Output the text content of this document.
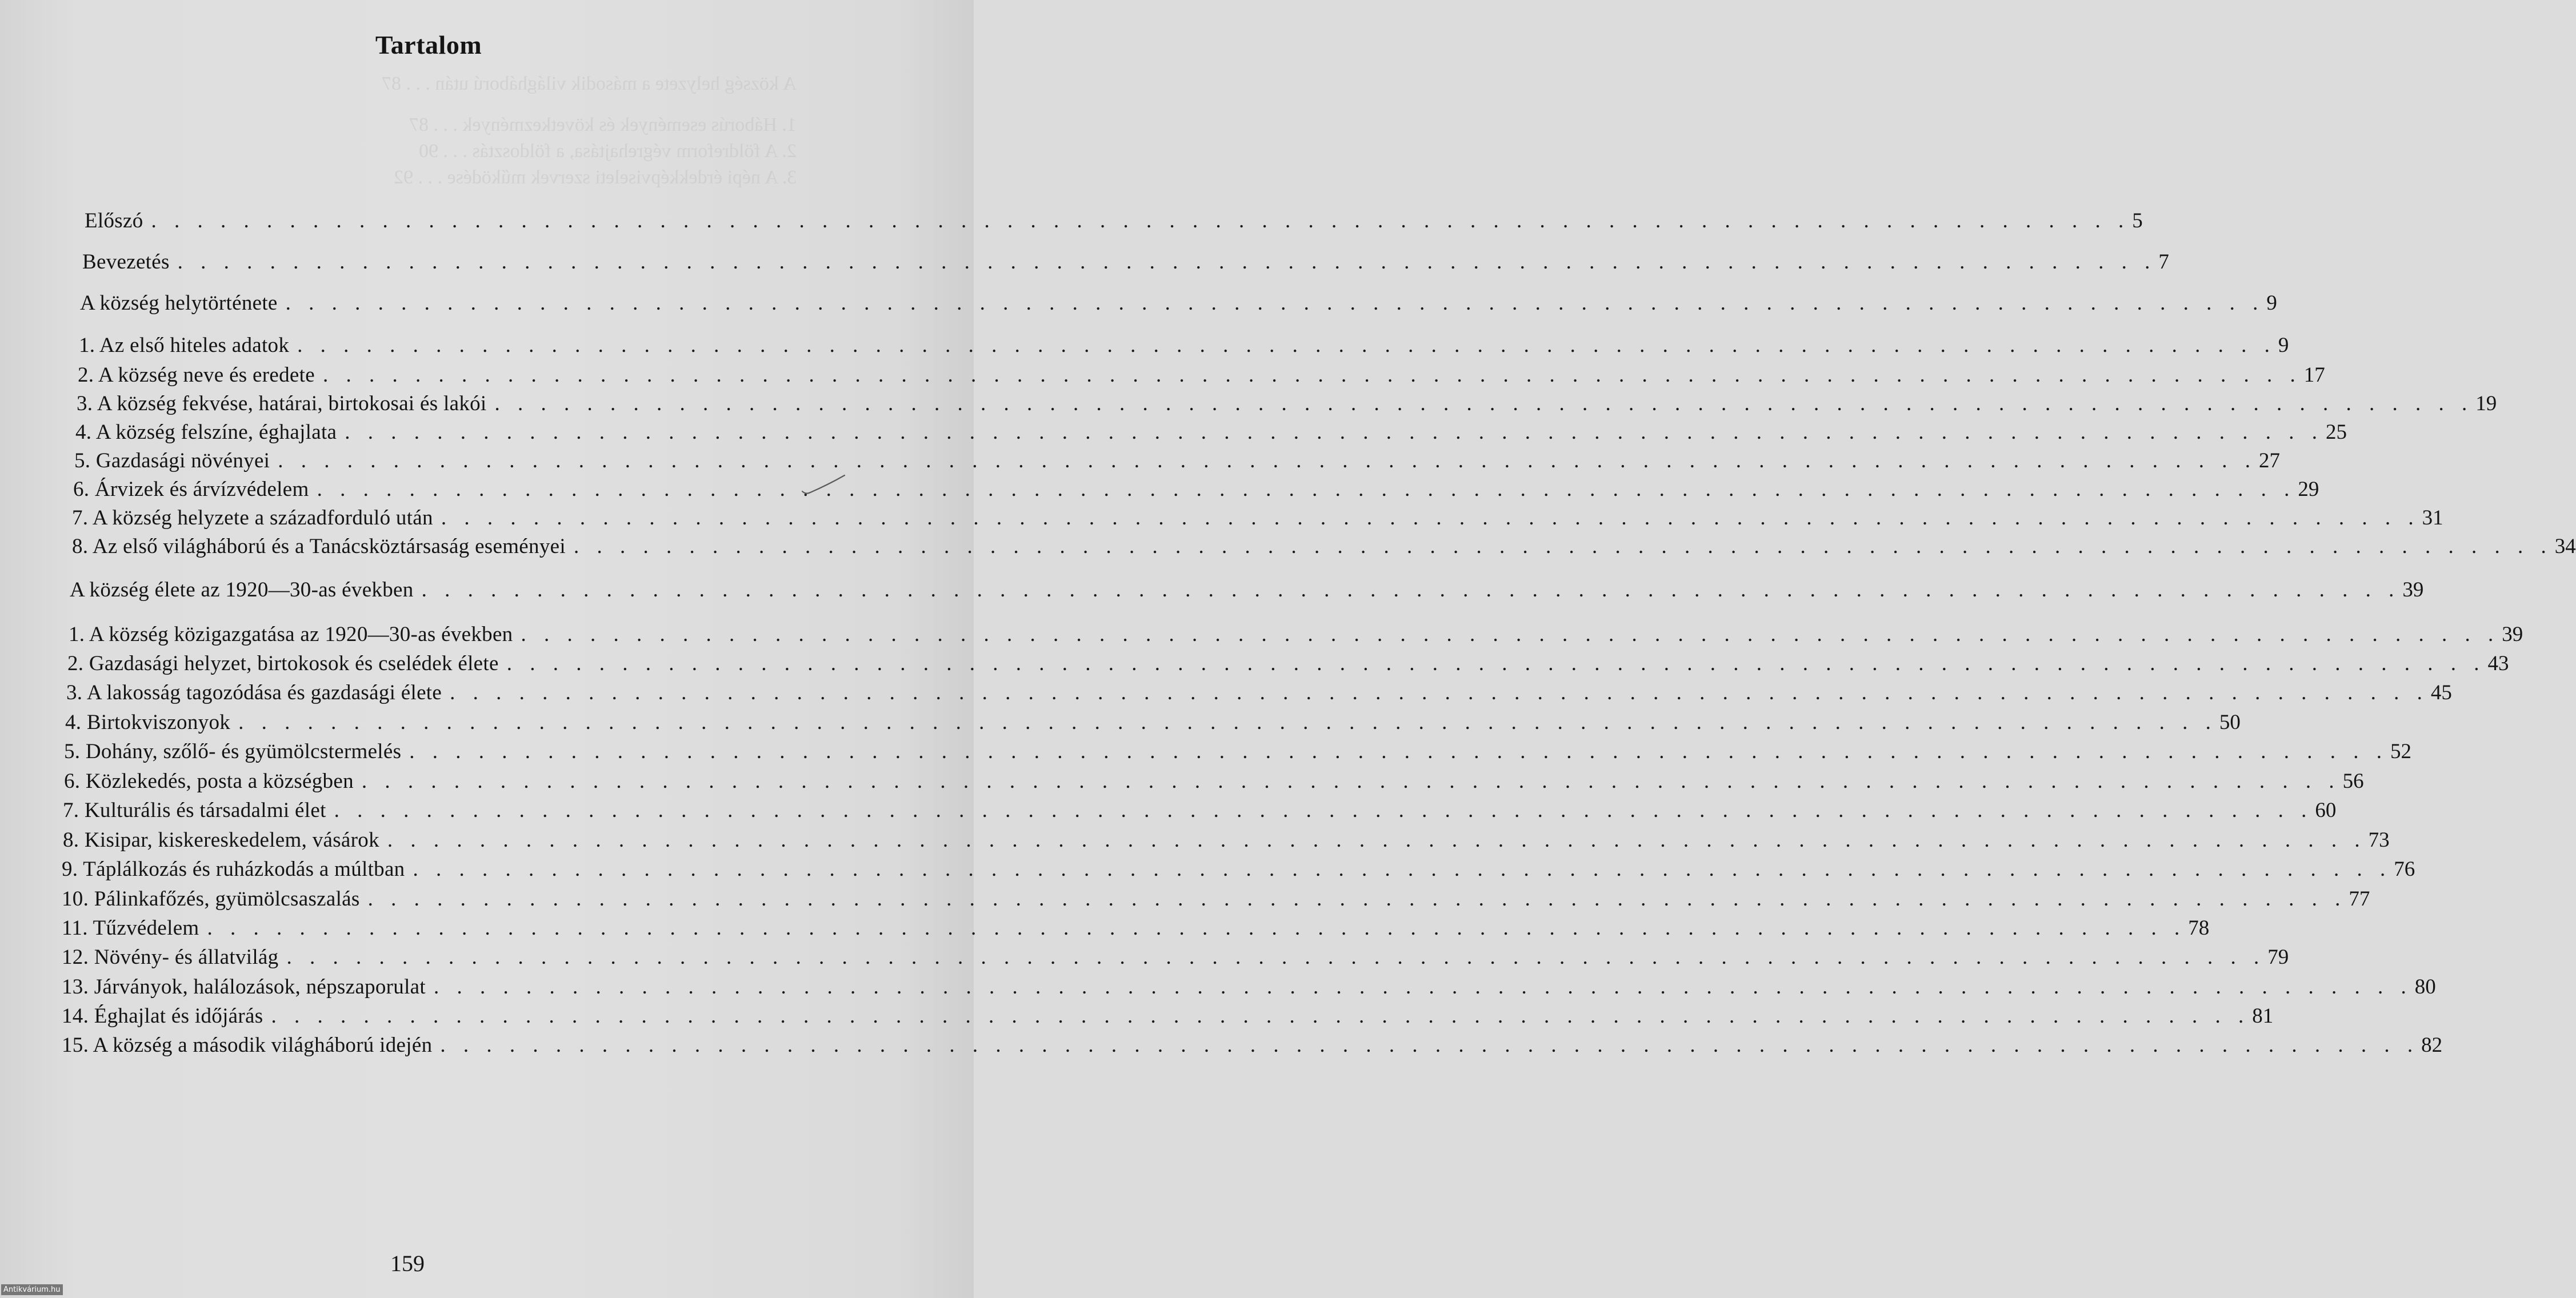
A község helyzete a második világháború után . . . 87
1. Háborús események és következmények . . . 87
2. A földreform végrehajtása, a földosztás . . . 90
3. A népi érdekképviseleti szervek működése . . . 92
Tartalom
Előszó . . . . . . . . . . . . . . . . . . . . . . . . . . . . . . . . . . . . . . . . . . . . . . . . . . . . . . . . . . . . . . . . . . . . . . . . . . . . . . . . . . . . . . 5
Bevezetés . . . . . . . . . . . . . . . . . . . . . . . . . . . . . . . . . . . . . . . . . . . . . . . . . . . . . . . . . . . . . . . . . . . . . . . . . . . . . . . . . . . . . . 7
A község helytörténete . . . . . . . . . . . . . . . . . . . . . . . . . . . . . . . . . . . . . . . . . . . . . . . . . . . . . . . . . . . . . . . . . . . . . . . . . . . . . . . . . . . . . . 9
1. Az első hiteles adatok . . . . . . . . . . . . . . . . . . . . . . . . . . . . . . . . . . . . . . . . . . . . . . . . . . . . . . . . . . . . . . . . . . . . . . . . . . . . . . . . . . . . . . 9
2. A község neve és eredete . . . . . . . . . . . . . . . . . . . . . . . . . . . . . . . . . . . . . . . . . . . . . . . . . . . . . . . . . . . . . . . . . . . . . . . . . . . . . . . . . . . . . . 17
3. A község fekvése, határai, birtokosai és lakói . . . . . . . . . . . . . . . . . . . . . . . . . . . . . . . . . . . . . . . . . . . . . . . . . . . . . . . . . . . . . . . . . . . . . . . . . . . . . . . . . . . . . . 19
4. A község felszíne, éghajlata . . . . . . . . . . . . . . . . . . . . . . . . . . . . . . . . . . . . . . . . . . . . . . . . . . . . . . . . . . . . . . . . . . . . . . . . . . . . . . . . . . . . . . 25
5. Gazdasági növényei . . . . . . . . . . . . . . . . . . . . . . . . . . . . . . . . . . . . . . . . . . . . . . . . . . . . . . . . . . . . . . . . . . . . . . . . . . . . . . . . . . . . . . 27
6. Árvizek és árvízvédelem . . . . . . . . . . . . . . . . . . . . . . . . . . . . . . . . . . . . . . . . . . . . . . . . . . . . . . . . . . . . . . . . . . . . . . . . . . . . . . . . . . . . . . 29
7. A község helyzete a századforduló után . . . . . . . . . . . . . . . . . . . . . . . . . . . . . . . . . . . . . . . . . . . . . . . . . . . . . . . . . . . . . . . . . . . . . . . . . . . . . . . . . . . . . . 31
8. Az első világháború és a Tanácsköztársaság eseményei . . . . . . . . . . . . . . . . . . . . . . . . . . . . . . . . . . . . . . . . . . . . . . . . . . . . . . . . . . . . . . . . . . . . . . . . . . . . . . . . . . . . . . 34
A község élete az 1920—30-as években . . . . . . . . . . . . . . . . . . . . . . . . . . . . . . . . . . . . . . . . . . . . . . . . . . . . . . . . . . . . . . . . . . . . . . . . . . . . . . . . . . . . . . 39
1. A község közigazgatása az 1920—30-as években . . . . . . . . . . . . . . . . . . . . . . . . . . . . . . . . . . . . . . . . . . . . . . . . . . . . . . . . . . . . . . . . . . . . . . . . . . . . . . . . . . . . . . 39
2. Gazdasági helyzet, birtokosok és cselédek élete . . . . . . . . . . . . . . . . . . . . . . . . . . . . . . . . . . . . . . . . . . . . . . . . . . . . . . . . . . . . . . . . . . . . . . . . . . . . . . . . . . . . . . 43
3. A lakosság tagozódása és gazdasági élete . . . . . . . . . . . . . . . . . . . . . . . . . . . . . . . . . . . . . . . . . . . . . . . . . . . . . . . . . . . . . . . . . . . . . . . . . . . . . . . . . . . . . . 45
4. Birtokviszonyok . . . . . . . . . . . . . . . . . . . . . . . . . . . . . . . . . . . . . . . . . . . . . . . . . . . . . . . . . . . . . . . . . . . . . . . . . . . . . . . . . . . . . . 50
5. Dohány, szőlő- és gyümölcstermelés . . . . . . . . . . . . . . . . . . . . . . . . . . . . . . . . . . . . . . . . . . . . . . . . . . . . . . . . . . . . . . . . . . . . . . . . . . . . . . . . . . . . . . 52
6. Közlekedés, posta a községben . . . . . . . . . . . . . . . . . . . . . . . . . . . . . . . . . . . . . . . . . . . . . . . . . . . . . . . . . . . . . . . . . . . . . . . . . . . . . . . . . . . . . . 56
7. Kulturális és társadalmi élet . . . . . . . . . . . . . . . . . . . . . . . . . . . . . . . . . . . . . . . . . . . . . . . . . . . . . . . . . . . . . . . . . . . . . . . . . . . . . . . . . . . . . . 60
8. Kisipar, kiskereskedelem, vásárok . . . . . . . . . . . . . . . . . . . . . . . . . . . . . . . . . . . . . . . . . . . . . . . . . . . . . . . . . . . . . . . . . . . . . . . . . . . . . . . . . . . . . . 73
9. Táplálkozás és ruházkodás a múltban . . . . . . . . . . . . . . . . . . . . . . . . . . . . . . . . . . . . . . . . . . . . . . . . . . . . . . . . . . . . . . . . . . . . . . . . . . . . . . . . . . . . . . 76
10. Pálinkafőzés, gyümölcsaszalás . . . . . . . . . . . . . . . . . . . . . . . . . . . . . . . . . . . . . . . . . . . . . . . . . . . . . . . . . . . . . . . . . . . . . . . . . . . . . . . . . . . . . . 77
11. Tűzvédelem . . . . . . . . . . . . . . . . . . . . . . . . . . . . . . . . . . . . . . . . . . . . . . . . . . . . . . . . . . . . . . . . . . . . . . . . . . . . . . . . . . . . . . 78
12. Növény- és állatvilág . . . . . . . . . . . . . . . . . . . . . . . . . . . . . . . . . . . . . . . . . . . . . . . . . . . . . . . . . . . . . . . . . . . . . . . . . . . . . . . . . . . . . . 79
13. Járványok, halálozások, népszaporulat . . . . . . . . . . . . . . . . . . . . . . . . . . . . . . . . . . . . . . . . . . . . . . . . . . . . . . . . . . . . . . . . . . . . . . . . . . . . . . . . . . . . . . 80
14. Éghajlat és időjárás . . . . . . . . . . . . . . . . . . . . . . . . . . . . . . . . . . . . . . . . . . . . . . . . . . . . . . . . . . . . . . . . . . . . . . . . . . . . . . . . . . . . . . 81
15. A község a második világháború idején . . . . . . . . . . . . . . . . . . . . . . . . . . . . . . . . . . . . . . . . . . . . . . . . . . . . . . . . . . . . . . . . . . . . . . . . . . . . . . . . . . . . . . 82
159
Antikvárium.hu
